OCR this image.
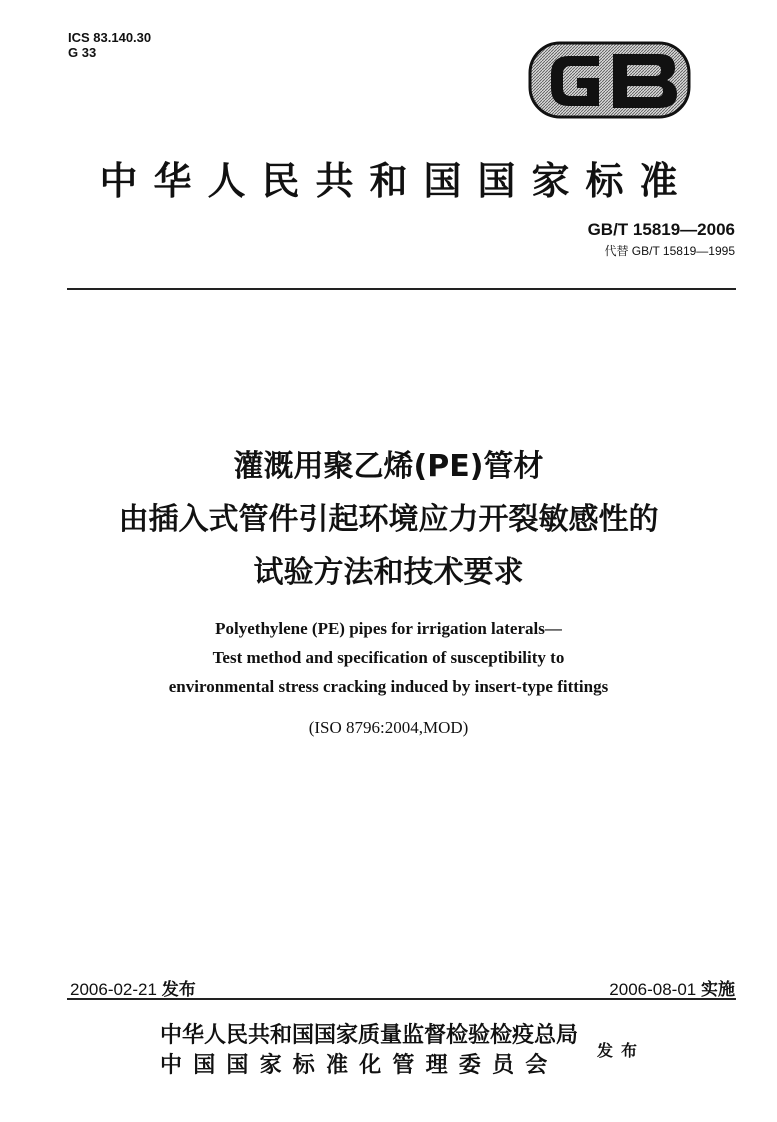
ICS 83.140.30
G 33
中华人民共和国国家标准
GB/T 15819—2006
代替 GB/T 15819—1995
灌溉用聚乙烯(PE)管材
由插入式管件引起环境应力开裂敏感性的
试验方法和技术要求
Polyethylene (PE) pipes for irrigation laterals—
Test method and specification of susceptibility to
environmental stress cracking induced by insert-type fittings
(ISO 8796:2004,MOD)
2006-02-21 发布	2006-08-01 实施
中华人民共和国国家质量监督检验检疫总局
中国国家标准化管理委员会
发布
